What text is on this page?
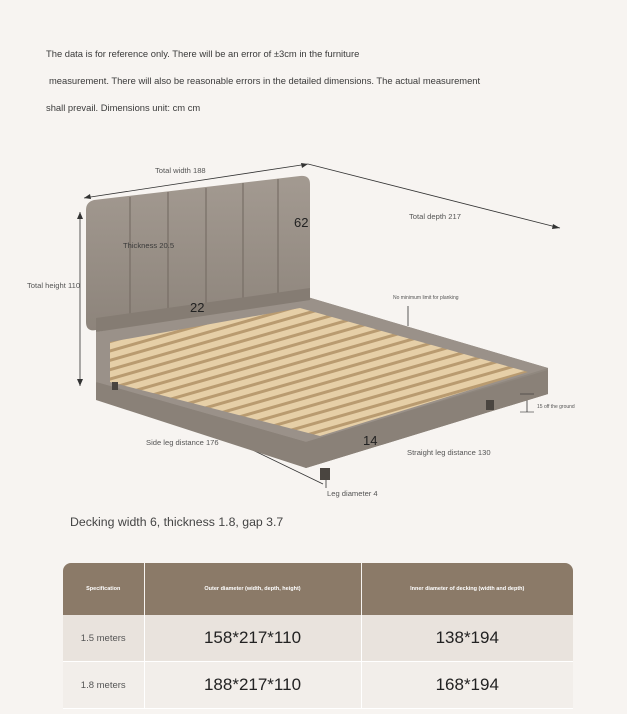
The data is for reference only. There will be an error of ±3cm in the furniture

measurement. There will also be reasonable errors in the detailed dimensions. The actual measurement

shall prevail. Dimensions unit: cm cm

Total width 188
Total depth 217
Total height 110
Thickness 20.5
62
22
14
No minimum limit for planking
15 off the ground
Side leg distance 176
Straight leg distance 130
Leg diameter 4
Decking width 6, thickness 1.8, gap 3.7
Specification	Outer diameter (width, depth, height)	Inner diameter of decking (width and depth)
1.5 meters	158*217*110	138*194
1.8 meters	188*217*110	168*194
